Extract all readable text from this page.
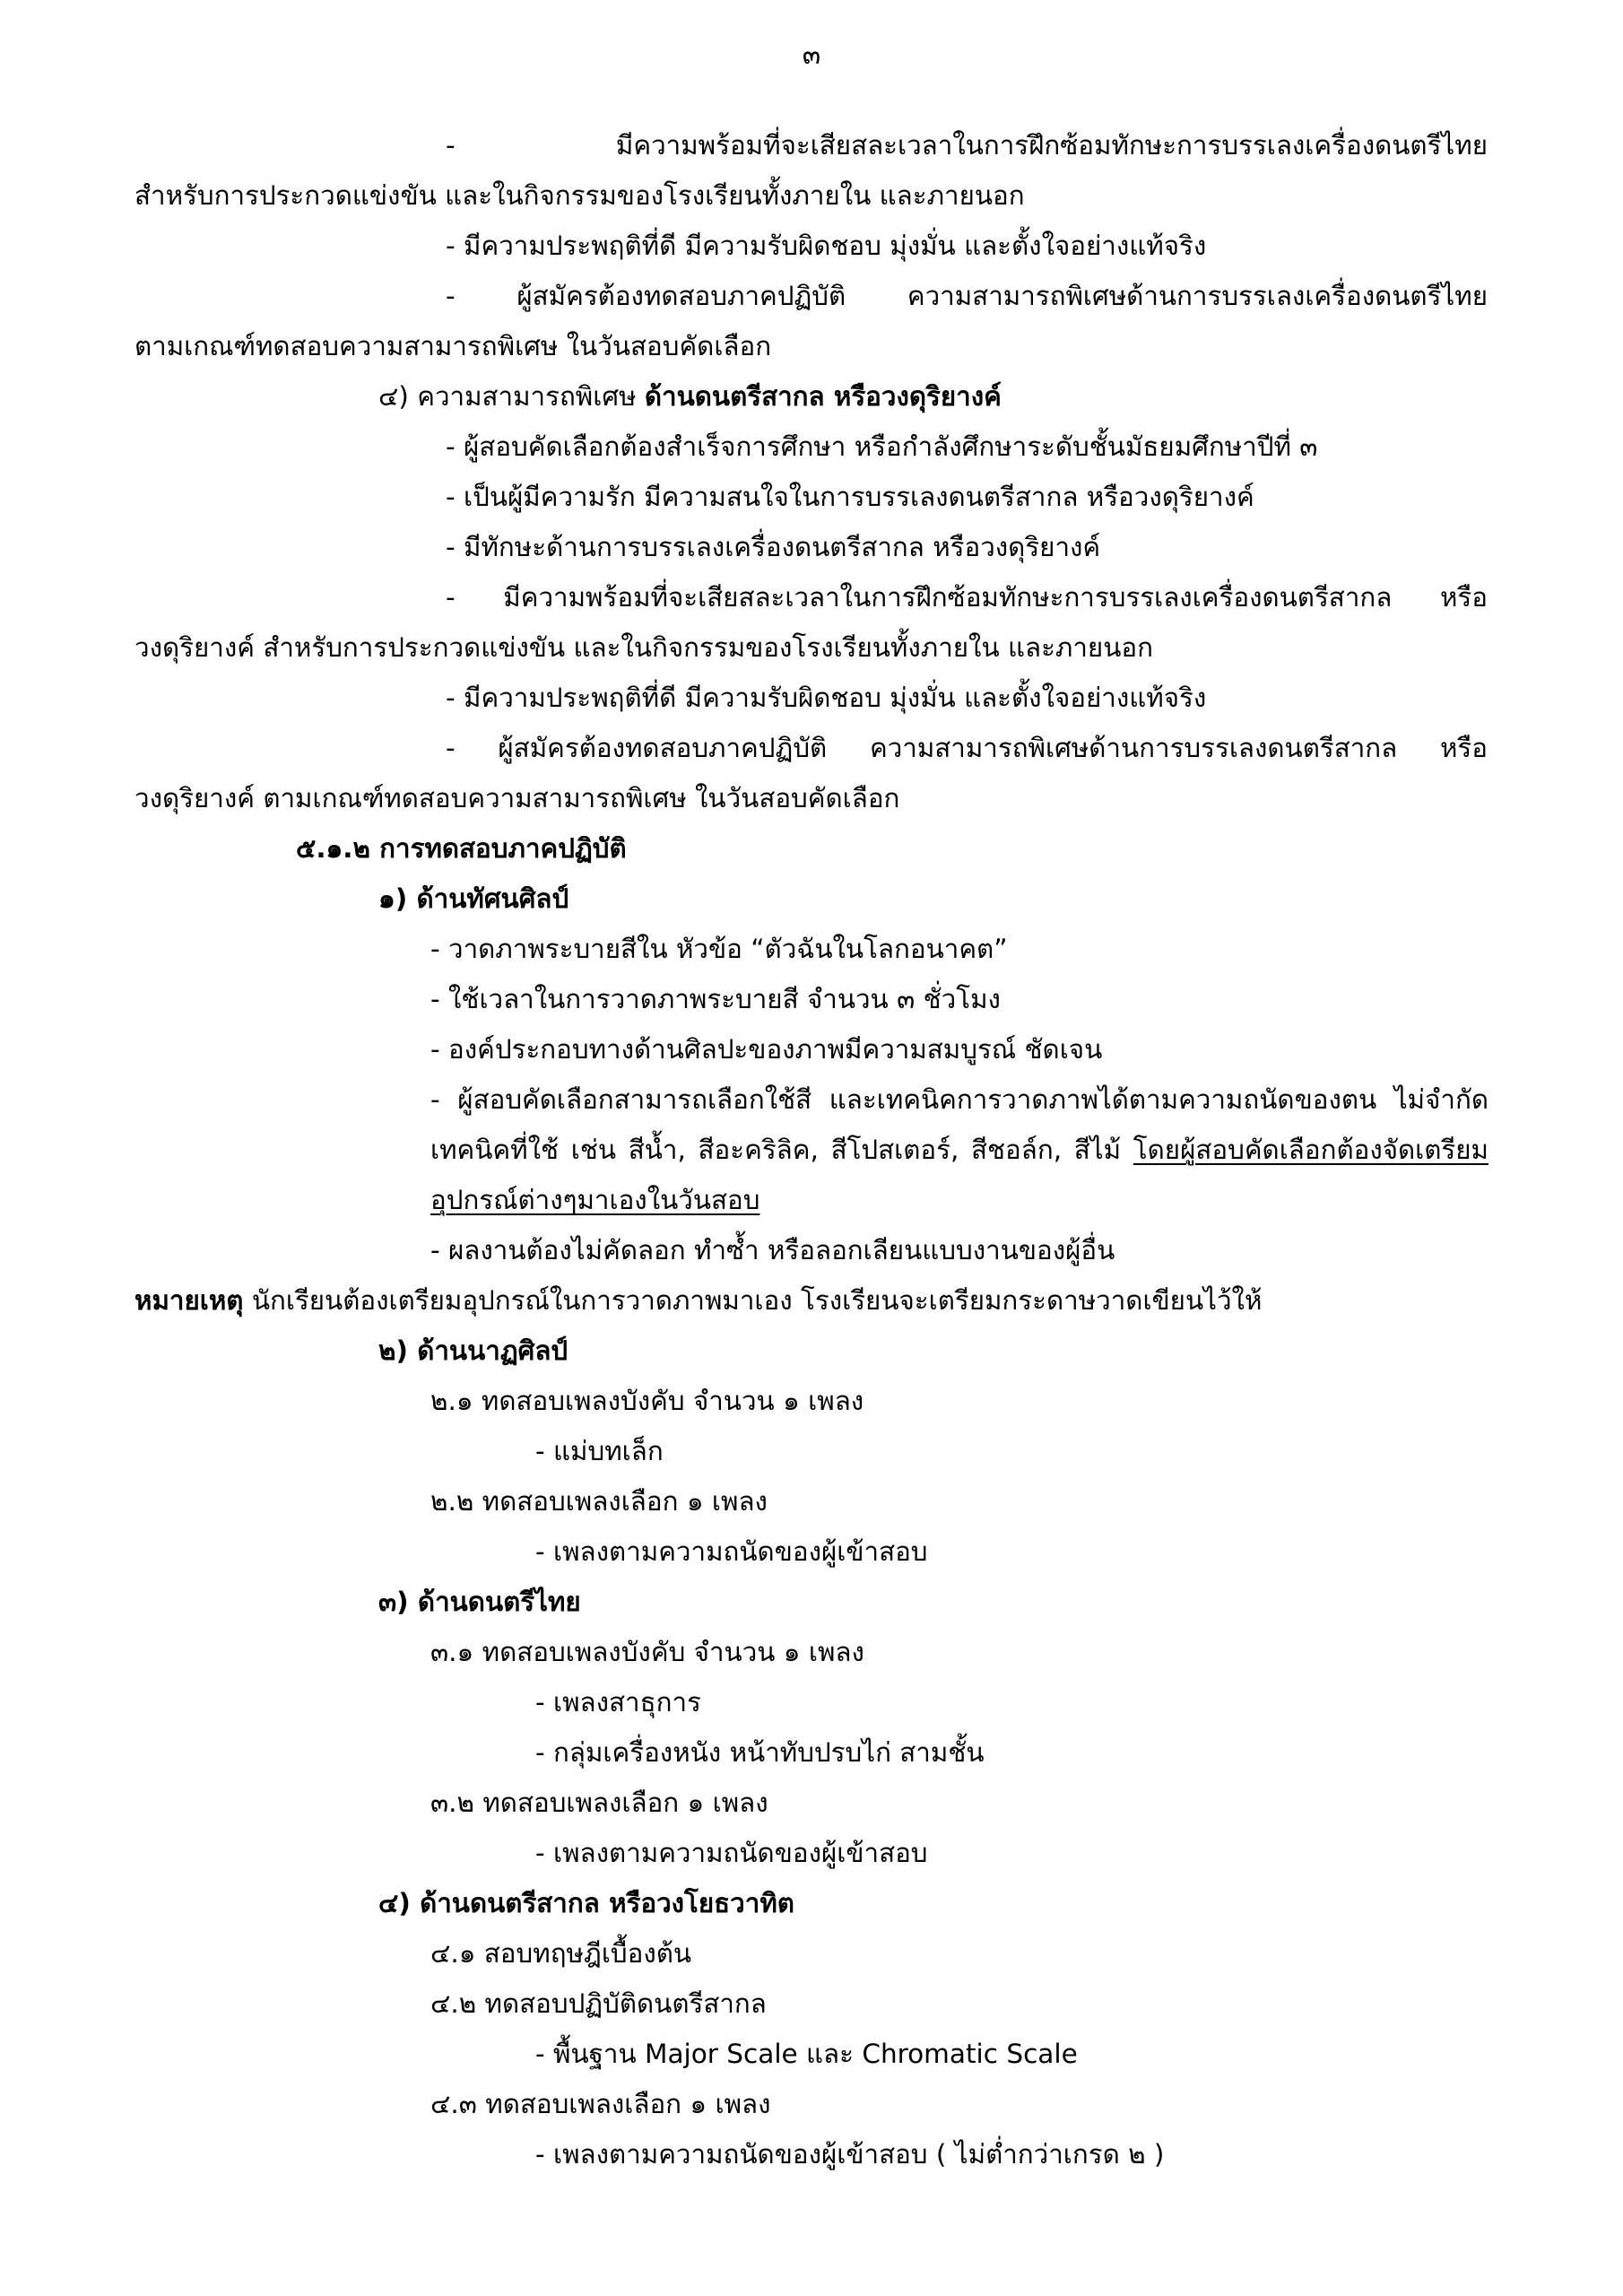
๓
- มีความพร้อมที่จะเสียสละเวลาในการฝึกซ้อมทักษะการบรรเลงเครื่องดนตรีไทย
สำหรับการประกวดแข่งขัน และในกิจกรรมของโรงเรียนทั้งภายใน และภายนอก
- มีความประพฤติที่ดี มีความรับผิดชอบ มุ่งมั่น และตั้งใจอย่างแท้จริง
- ผู้สมัครต้องทดสอบภาคปฏิบัติ ความสามารถพิเศษด้านการบรรเลงเครื่องดนตรีไทย
ตามเกณฑ์ทดสอบความสามารถพิเศษ ในวันสอบคัดเลือก
๔) ความสามารถพิเศษ ด้านดนตรีสากล หรือวงดุริยางค์
- ผู้สอบคัดเลือกต้องสำเร็จการศึกษา หรือกำลังศึกษาระดับชั้นมัธยมศึกษาปีที่ ๓
- เป็นผู้มีความรัก มีความสนใจในการบรรเลงดนตรีสากล หรือวงดุริยางค์
- มีทักษะด้านการบรรเลงเครื่องดนตรีสากล หรือวงดุริยางค์
- มีความพร้อมที่จะเสียสละเวลาในการฝึกซ้อมทักษะการบรรเลงเครื่องดนตรีสากล หรือ
วงดุริยางค์ สำหรับการประกวดแข่งขัน และในกิจกรรมของโรงเรียนทั้งภายใน และภายนอก
- มีความประพฤติที่ดี มีความรับผิดชอบ มุ่งมั่น และตั้งใจอย่างแท้จริง
- ผู้สมัครต้องทดสอบภาคปฏิบัติ ความสามารถพิเศษด้านการบรรเลงดนตรีสากล หรือ
วงดุริยางค์ ตามเกณฑ์ทดสอบความสามารถพิเศษ ในวันสอบคัดเลือก
๕.๑.๒ การทดสอบภาคปฏิบัติ
๑) ด้านทัศนศิลป์
- วาดภาพระบายสีใน หัวข้อ “ตัวฉันในโลกอนาคต”
- ใช้เวลาในการวาดภาพระบายสี จำนวน ๓ ชั่วโมง
- องค์ประกอบทางด้านศิลปะของภาพมีความสมบูรณ์ ชัดเจน
- ผู้สอบคัดเลือกสามารถเลือกใช้สี และเทคนิคการวาดภาพได้ตามความถนัดของตน ไม่จำกัด
เทคนิคที่ใช้ เช่น สีน้ำ, สีอะคริลิค, สีโปสเตอร์, สีชอล์ก, สีไม้ โดยผู้สอบคัดเลือกต้องจัดเตรียม
อุปกรณ์ต่างๆมาเองในวันสอบ
- ผลงานต้องไม่คัดลอก ทำซ้ำ หรือลอกเลียนแบบงานของผู้อื่น
หมายเหตุ นักเรียนต้องเตรียมอุปกรณ์ในการวาดภาพมาเอง โรงเรียนจะเตรียมกระดาษวาดเขียนไว้ให้
๒) ด้านนาฏศิลป์
๒.๑ ทดสอบเพลงบังคับ จำนวน ๑ เพลง
- แม่บทเล็ก
๒.๒ ทดสอบเพลงเลือก ๑ เพลง
- เพลงตามความถนัดของผู้เข้าสอบ
๓) ด้านดนตรีไทย
๓.๑ ทดสอบเพลงบังคับ จำนวน ๑ เพลง
- เพลงสาธุการ
- กลุ่มเครื่องหนัง หน้าทับปรบไก่ สามชั้น
๓.๒ ทดสอบเพลงเลือก ๑ เพลง
- เพลงตามความถนัดของผู้เข้าสอบ
๔) ด้านดนตรีสากล หรือวงโยธวาทิต
๔.๑ สอบทฤษฎีเบื้องต้น
๔.๒ ทดสอบปฏิบัติดนตรีสากล
- พื้นฐาน Major Scale และ Chromatic Scale
๔.๓ ทดสอบเพลงเลือก ๑ เพลง
- เพลงตามความถนัดของผู้เข้าสอบ ( ไม่ต่ำกว่าเกรด ๒ )
